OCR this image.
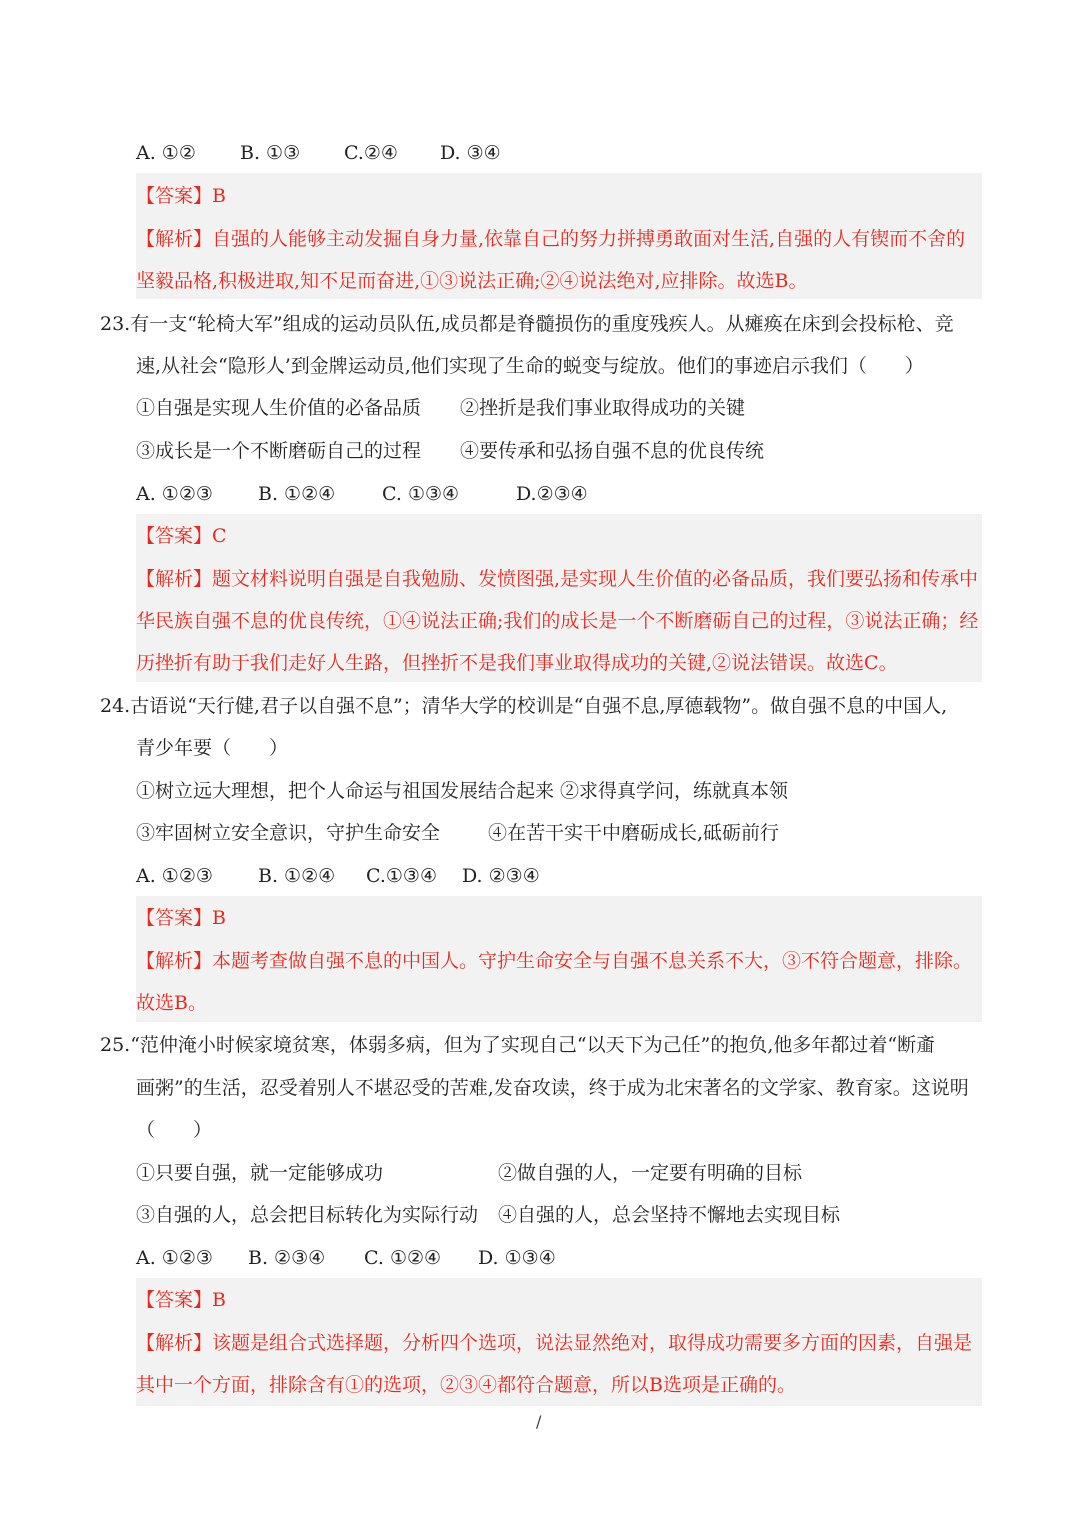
A. ①② B. ①③ C.②④ D. ③④
【答案】B
【解析】自强的人能够主动发掘自身力量,依靠自己的努力拼搏勇敢面对生活,自强的人有锲而不舍的
坚毅品格,积极进取,知不足而奋进,①③说法正确;②④说法绝对,应排除。故选B。
23.有一支“轮椅大军”组成的运动员队伍,成员都是脊髓损伤的重度残疾人。从瘫痪在床到会投标枪、竞
速,从社会“隐形人’到金牌运动员,他们实现了生命的蜕变与绽放。他们的事迹启示我们（　　）
①自强是实现人生价值的必备品质 ②挫折是我们事业取得成功的关键
③成长是一个不断磨砺自己的过程 ④要传承和弘扬自强不息的优良传统
A. ①②③ B. ①②④ C. ①③④	D.②③④
【答案】C
【解析】题文材料说明自强是自我勉励、发愤图强,是实现人生价值的必备品质，我们要弘扬和传承中
华民族自强不息的优良传统，①④说法正确;我们的成长是一个不断磨砺自己的过程，③说法正确；经
历挫折有助于我们走好人生路，但挫折不是我们事业取得成功的关键,②说法错误。故选C。
24.古语说“天行健,君子以自强不息”；清华大学的校训是“自强不息,厚德载物”。做自强不息的中国人,
青少年要（　　）
①树立远大理想，把个人命运与祖国发展结合起来 ②求得真学问，练就真本领
③牢固树立安全意识，守护生命安全	④在苦干实干中磨砺成长,砥砺前行
A. ①②③ B. ①②④ C.①③④ D. ②③④
【答案】B
【解析】本题考查做自强不息的中国人。守护生命安全与自强不息关系不大，③不符合题意，排除。
故选B。
25.“范仲淹小时候家境贫寒，体弱多病，但为了实现自己“以天下为己任”的抱负,他多年都过着“断齑
画粥”的生活，忍受着别人不堪忍受的苦难,发奋攻读，终于成为北宋著名的文学家、教育家。这说明
（　　）
①只要自强，就一定能够成功	②做自强的人，一定要有明确的目标
③自强的人，总会把目标转化为实际行动 ④自强的人，总会坚持不懈地去实现目标
A. ①②③ B. ②③④ C. ①②④ D. ①③④
【答案】B
【解析】该题是组合式选择题，分析四个选项，说法显然绝对，取得成功需要多方面的因素，自强是
其中一个方面，排除含有①的选项，②③④都符合题意，所以B选项是正确的。
/
